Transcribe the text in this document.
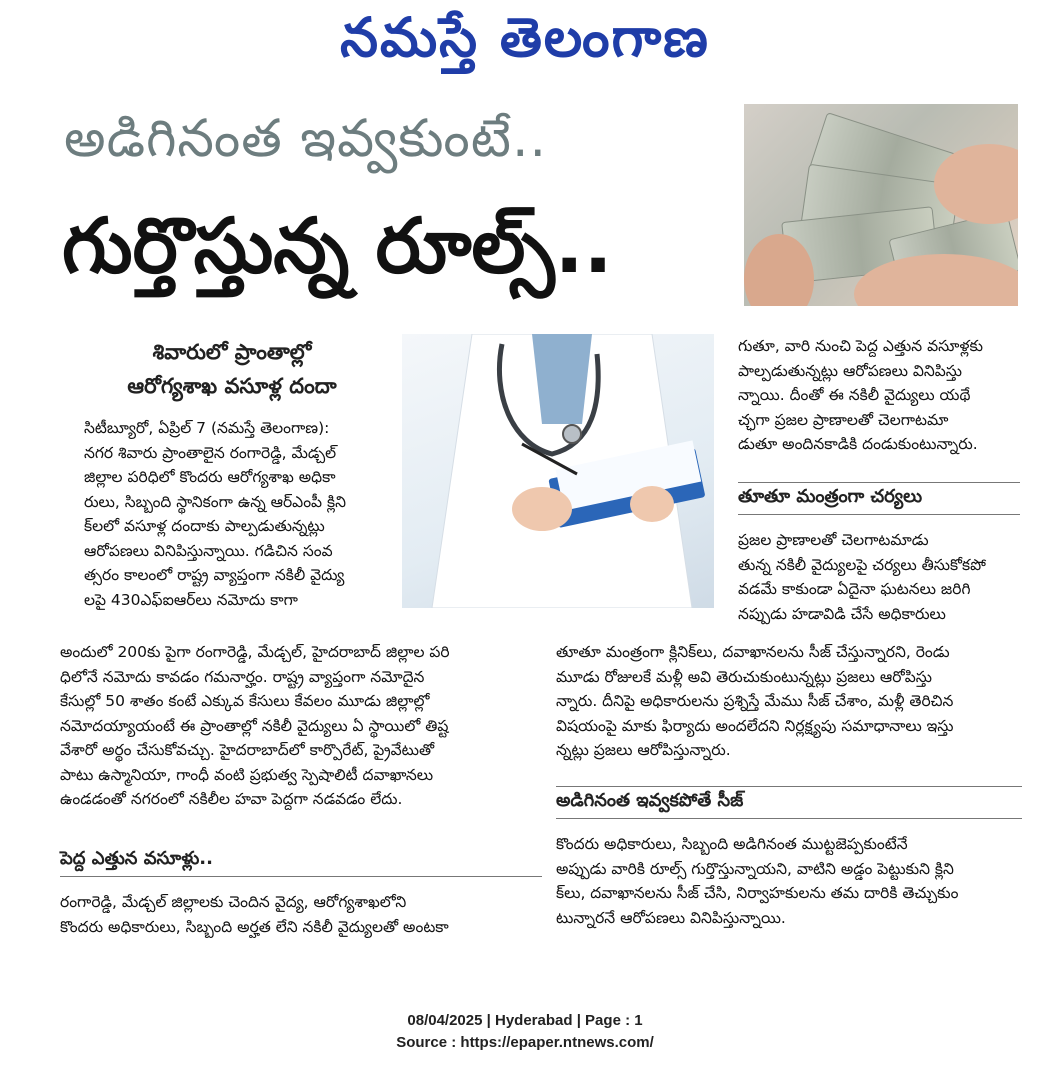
నమస్తే తెలంగాణ
అడిగినంత ఇవ్వకుంటే..
గుర్తొస్తున్న రూల్స్..
శివారులో ప్రాంతాల్లో
ఆరోగ్యశాఖ వసూళ్ల దందా
సిటీబ్యూరో, ఏప్రిల్ 7 (నమస్తే తెలంగాణ):
నగర శివారు ప్రాంతాలైన రంగారెడ్డి, మేడ్చల్
జిల్లాల పరిధిలో కొందరు ఆరోగ్యశాఖ అధికా
రులు, సిబ్బంది స్థానికంగా ఉన్న ఆర్ఎంపీ క్లిని
క్‌లలో వసూళ్ల దందాకు పాల్పడుతున్నట్లు
ఆరోపణలు వినిపిస్తున్నాయి. గడిచిన సంవ
త్సరం కాలంలో రాష్ట్ర వ్యాప్తంగా నకిలీ వైద్యు
లపై 430ఎఫ్ఐఆర్‌లు నమోదు కాగా
అందులో 200కు పైగా రంగారెడ్డి, మేడ్చల్, హైదరాబాద్ జిల్లాల పరి
ధిలోనే నమోదు కావడం గమనార్హం. రాష్ట్ర వ్యాప్తంగా నమోదైన
కేసుల్లో 50 శాతం కంటే ఎక్కువ కేసులు కేవలం మూడు జిల్లాల్లో
నమోదయ్యాయంటే ఈ ప్రాంతాల్లో నకిలీ వైద్యులు ఏ స్థాయిలో తిష్ట
వేశారో అర్థం చేసుకోవచ్చు. హైదరాబాద్‌లో కార్పొరేట్, ప్రైవేటుతో
పాటు ఉస్మానియా, గాంధీ వంటి ప్రభుత్వ స్పెషాలిటీ దవాఖానలు
ఉండడంతో నగరంలో నకిలీల హవా పెద్దగా నడవడం లేదు.
పెద్ద ఎత్తున వసూళ్లు..
రంగారెడ్డి, మేడ్చల్ జిల్లాలకు చెందిన వైద్య, ఆరోగ్యశాఖలోని
కొందరు అధికారులు, సిబ్బంది అర్హత లేని నకిలీ వైద్యులతో అంటకా
గుతూ, వారి నుంచి పెద్ద ఎత్తున వసూళ్లకు
పాల్పడుతున్నట్లు ఆరోపణలు వినిపిస్తు
న్నాయి. దీంతో ఈ నకిలీ వైద్యులు యథే
చ్ఛగా ప్రజల ప్రాణాలతో చెలగాటమా
డుతూ అందినకాడికి దండుకుంటున్నారు.
తూతూ మంత్రంగా చర్యలు
ప్రజల ప్రాణాలతో చెలగాటమాడు
తున్న నకిలీ వైద్యులపై చర్యలు తీసుకోకపో
వడమే కాకుండా ఏదైనా ఘటనలు జరిగి
నప్పుడు హడావిడి చేసే అధికారులు
తూతూ మంత్రంగా క్లినిక్‌లు, దవాఖానలను సీజ్ చేస్తున్నారని, రెండు
మూడు రోజులకే మళ్లీ అవి తెరుచుకుంటున్నట్లు ప్రజలు ఆరోపిస్తు
న్నారు. దీనిపై అధికారులను ప్రశ్నిస్తే మేము సీజ్ చేశాం, మళ్లీ తెరిచిన
విషయంపై మాకు ఫిర్యాదు అందలేదని నిర్లక్ష్యపు సమాధానాలు ఇస్తు
న్నట్లు ప్రజలు ఆరోపిస్తున్నారు.
అడిగినంత ఇవ్వకపోతే సీజ్
కొందరు అధికారులు, సిబ్బంది అడిగినంత ముట్టజెప్పకుంటేనే
అప్పుడు వారికి రూల్స్ గుర్తొస్తున్నాయని, వాటిని అడ్డం పెట్టుకుని క్లిని
క్‌లు, దవాఖానలను సీజ్ చేసి, నిర్వాహకులను తమ దారికి తెచ్చుకుం
టున్నారనే ఆరోపణలు వినిపిస్తున్నాయి.
08/04/2025 | Hyderabad | Page : 1
Source : https://epaper.ntnews.com/
